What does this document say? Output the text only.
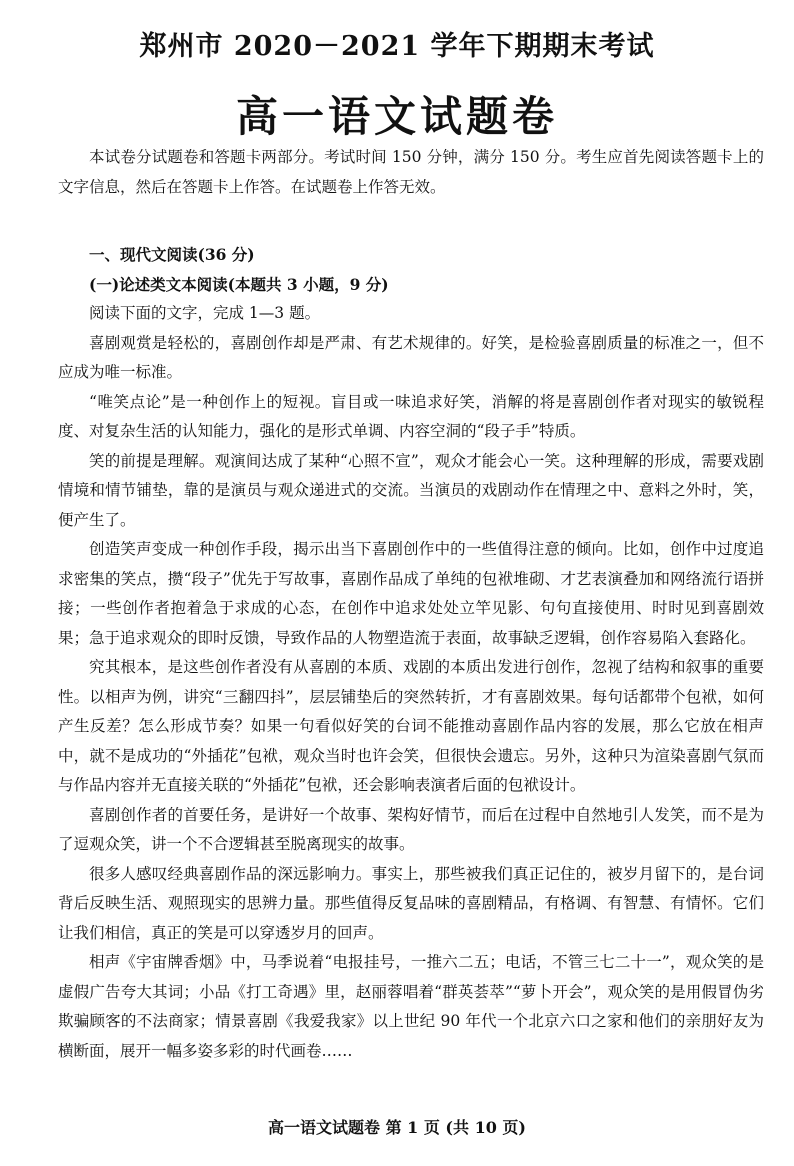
郑州市 2020－2021 学年下期期末考试
高一语文试题卷

本试卷分试题卷和答题卡两部分。考试时间 150 分钟，满分 150 分。考生应首先阅读答题卡上的文字信息，然后在答题卡上作答。在试题卷上作答无效。

一、现代文阅读(36 分)

(一)论述类文本阅读(本题共 3 小题，9 分)

阅读下面的文字，完成 1—3 题。

喜剧观赏是轻松的，喜剧创作却是严肃、有艺术规律的。好笑，是检验喜剧质量的标准之一，但不应成为唯一标准。

“唯笑点论”是一种创作上的短视。盲目或一味追求好笑，消解的将是喜剧创作者对现实的敏锐程度、对复杂生活的认知能力，强化的是形式单调、内容空洞的“段子手”特质。

笑的前提是理解。观演间达成了某种“心照不宣”，观众才能会心一笑。这种理解的形成，需要戏剧情境和情节铺垫，靠的是演员与观众递进式的交流。当演员的戏剧动作在情理之中、意料之外时，笑，便产生了。

创造笑声变成一种创作手段，揭示出当下喜剧创作中的一些值得注意的倾向。比如，创作中过度追求密集的笑点，攒“段子”优先于写故事，喜剧作品成了单纯的包袱堆砌、才艺表演叠加和网络流行语拼接；一些创作者抱着急于求成的心态，在创作中追求处处立竿见影、句句直接使用、时时见到喜剧效果；急于追求观众的即时反馈，导致作品的人物塑造流于表面，故事缺乏逻辑，创作容易陷入套路化。

究其根本，是这些创作者没有从喜剧的本质、戏剧的本质出发进行创作，忽视了结构和叙事的重要性。以相声为例，讲究“三翻四抖”，层层铺垫后的突然转折，才有喜剧效果。每句话都带个包袱，如何产生反差？怎么形成节奏？如果一句看似好笑的台词不能推动喜剧作品内容的发展，那么它放在相声中，就不是成功的“外插花”包袱，观众当时也许会笑，但很快会遗忘。另外，这种只为渲染喜剧气氛而与作品内容并无直接关联的“外插花”包袱，还会影响表演者后面的包袱设计。

喜剧创作者的首要任务，是讲好一个故事、架构好情节，而后在过程中自然地引人发笑，而不是为了逗观众笑，讲一个不合逻辑甚至脱离现实的故事。

很多人感叹经典喜剧作品的深远影响力。事实上，那些被我们真正记住的，被岁月留下的，是台词背后反映生活、观照现实的思辨力量。那些值得反复品味的喜剧精品，有格调、有智慧、有情怀。它们让我们相信，真正的笑是可以穿透岁月的回声。

相声《宇宙牌香烟》中，马季说着“电报挂号，一推六二五；电话，不管三七二十一”，观众笑的是虚假广告夸大其词；小品《打工奇遇》里，赵丽蓉唱着“群英荟萃”“萝卜开会”，观众笑的是用假冒伪劣欺骗顾客的不法商家；情景喜剧《我爱我家》以上世纪 90 年代一个北京六口之家和他们的亲朋好友为横断面，展开一幅多姿多彩的时代画卷……

高一语文试题卷 第 1 页 (共 10 页)
